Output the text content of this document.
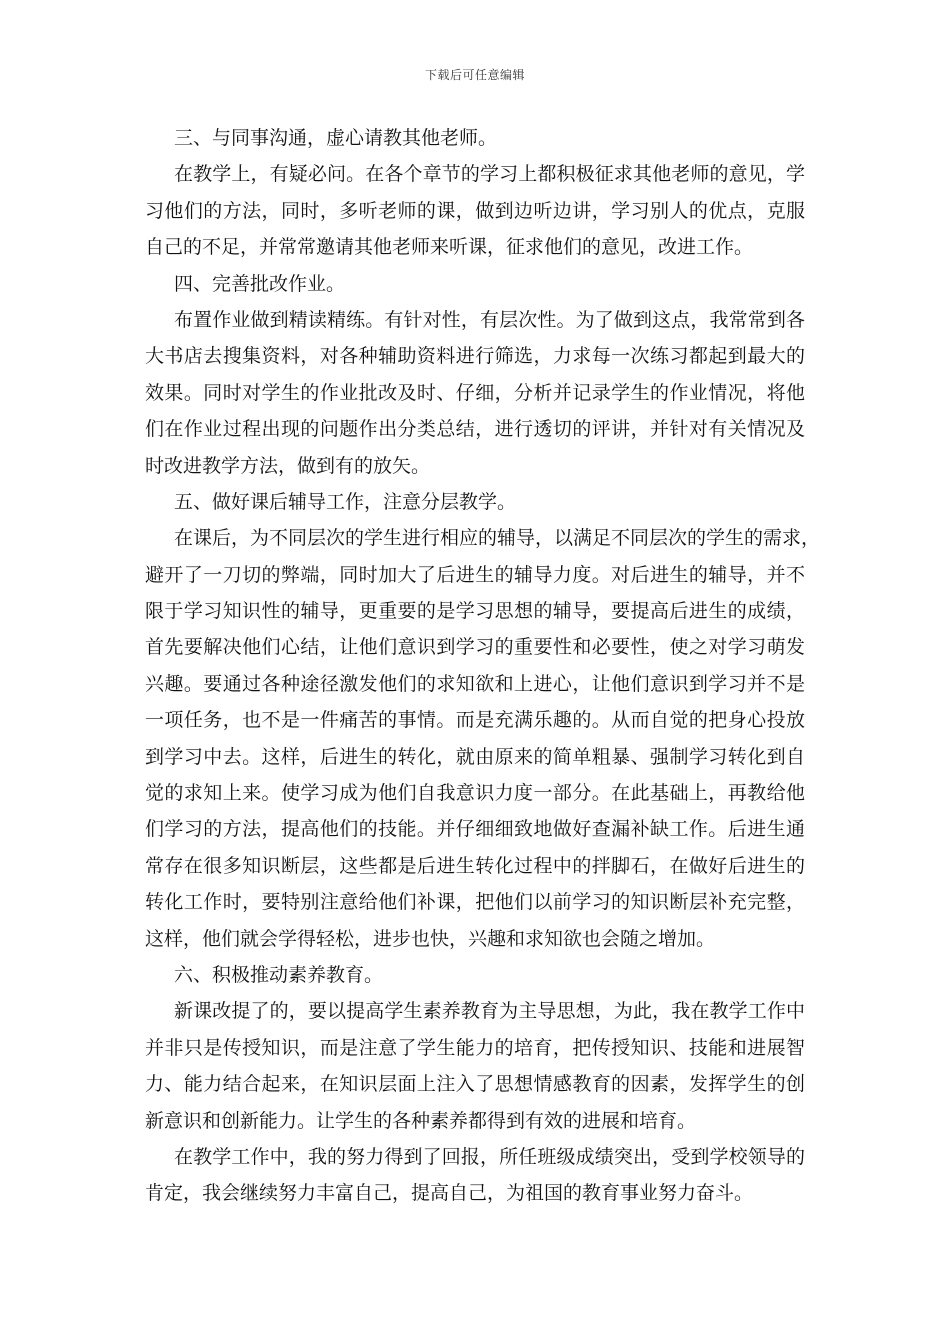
下载后可任意编辑
三、与同事沟通，虚心请教其他老师。
在教学上，有疑必问。在各个章节的学习上都积极征求其他老师的意见，学
习他们的方法，同时，多听老师的课，做到边听边讲，学习别人的优点，克服
自己的不足，并常常邀请其他老师来听课，征求他们的意见，改进工作。
四、完善批改作业。
布置作业做到精读精练。有针对性，有层次性。为了做到这点，我常常到各
大书店去搜集资料，对各种辅助资料进行筛选，力求每一次练习都起到最大的
效果。同时对学生的作业批改及时、仔细，分析并记录学生的作业情况，将他
们在作业过程出现的问题作出分类总结，进行透切的评讲，并针对有关情况及
时改进教学方法，做到有的放矢。
五、做好课后辅导工作，注意分层教学。
在课后，为不同层次的学生进行相应的辅导，以满足不同层次的学生的需求，
避开了一刀切的弊端，同时加大了后进生的辅导力度。对后进生的辅导，并不
限于学习知识性的辅导，更重要的是学习思想的辅导，要提高后进生的成绩，
首先要解决他们心结，让他们意识到学习的重要性和必要性，使之对学习萌发
兴趣。要通过各种途径激发他们的求知欲和上进心，让他们意识到学习并不是
一项任务，也不是一件痛苦的事情。而是充满乐趣的。从而自觉的把身心投放
到学习中去。这样，后进生的转化，就由原来的简单粗暴、强制学习转化到自
觉的求知上来。使学习成为他们自我意识力度一部分。在此基础上，再教给他
们学习的方法，提高他们的技能。并仔细细致地做好查漏补缺工作。后进生通
常存在很多知识断层，这些都是后进生转化过程中的拌脚石，在做好后进生的
转化工作时，要特别注意给他们补课，把他们以前学习的知识断层补充完整，
这样，他们就会学得轻松，进步也快，兴趣和求知欲也会随之增加。
六、积极推动素养教育。
新课改提了的，要以提高学生素养教育为主导思想，为此，我在教学工作中
并非只是传授知识，而是注意了学生能力的培育，把传授知识、技能和进展智
力、能力结合起来，在知识层面上注入了思想情感教育的因素，发挥学生的创
新意识和创新能力。让学生的各种素养都得到有效的进展和培育。
在教学工作中，我的努力得到了回报，所任班级成绩突出，受到学校领导的
肯定，我会继续努力丰富自己，提高自己，为祖国的教育事业努力奋斗。
